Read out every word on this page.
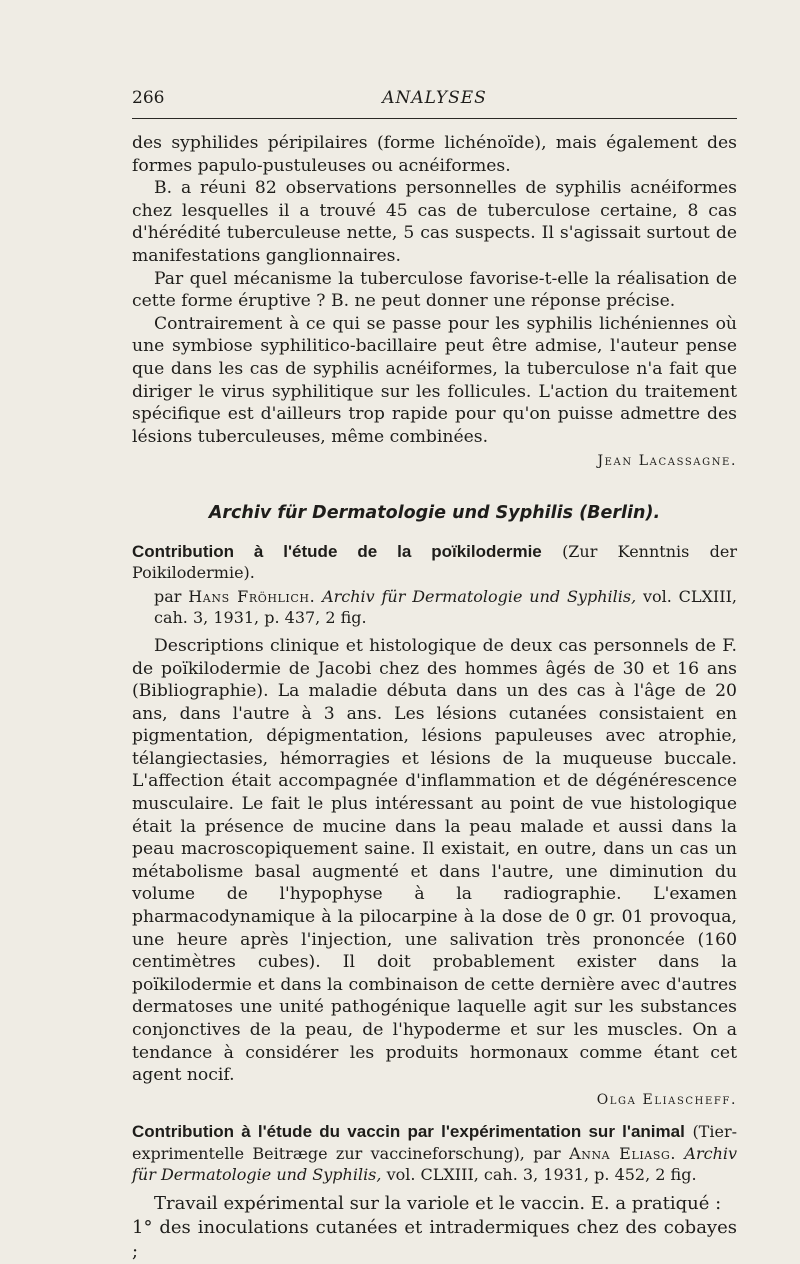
266	ANALYSES

des syphilides péripilaires (forme lichénoïde), mais également des formes papulo-pustuleuses ou acnéiformes.

B. a réuni 82 observations personnelles de syphilis acnéiformes chez lesquelles il a trouvé 45 cas de tuberculose certaine, 8 cas d'hérédité tuberculeuse nette, 5 cas suspects. Il s'agissait surtout de manifestations ganglionnaires.

Par quel mécanisme la tuberculose favorise-t-elle la réalisation de cette forme éruptive ? B. ne peut donner une réponse précise.

Contrairement à ce qui se passe pour les syphilis lichéniennes où une symbiose syphilitico-bacillaire peut être admise, l'auteur pense que dans les cas de syphilis acnéiformes, la tuberculose n'a fait que diriger le virus syphilitique sur les follicules. L'action du traitement spécifique est d'ailleurs trop rapide pour qu'on puisse admettre des lésions tuberculeuses, même combinées.

Jean Lacassagne.

Archiv für Dermatologie und Syphilis (Berlin).

Contribution à l'étude de la poïkilodermie (Zur Kenntnis der Poikilodermie).

par Hans Fröhlich. Archiv für Dermatologie und Syphilis, vol. CLXIII, cah. 3, 1931, p. 437, 2 fig.

Descriptions clinique et histologique de deux cas personnels de F. de poïkilodermie de Jacobi chez des hommes âgés de 30 et 16 ans (Bibliographie). La maladie débuta dans un des cas à l'âge de 20 ans, dans l'autre à 3 ans. Les lésions cutanées consistaient en pigmentation, dépigmentation, lésions papuleuses avec atrophie, télangiectasies, hémorragies et lésions de la muqueuse buccale. L'affection était accompagnée d'inflammation et de dégénérescence musculaire. Le fait le plus intéressant au point de vue histologique était la présence de mucine dans la peau malade et aussi dans la peau macroscopiquement saine. Il existait, en outre, dans un cas un métabolisme basal augmenté et dans l'autre, une diminution du volume de l'hypophyse à la radiographie. L'examen pharmacodynamique à la pilocarpine à la dose de 0 gr. 01 provoqua, une heure après l'injection, une salivation très prononcée (160 centimètres cubes). Il doit probablement exister dans la poïkilodermie et dans la combinaison de cette dernière avec d'autres dermatoses une unité pathogénique laquelle agit sur les substances conjonctives de la peau, de l'hypoderme et sur les muscles. On a tendance à considérer les produits hormonaux comme étant cet agent nocif.

Olga Eliascheff.

Contribution à l'étude du vaccin par l'expérimentation sur l'animal (Tier-exprimentelle Beitræge zur vaccineforschung), par Anna Eliasg. Archiv für Dermatologie und Syphilis, vol. CLXIII, cah. 3, 1931, p. 452, 2 fig.

Travail expérimental sur la variole et le vaccin. E. a pratiqué :

1° des inoculations cutanées et intradermiques chez des cobayes ;
